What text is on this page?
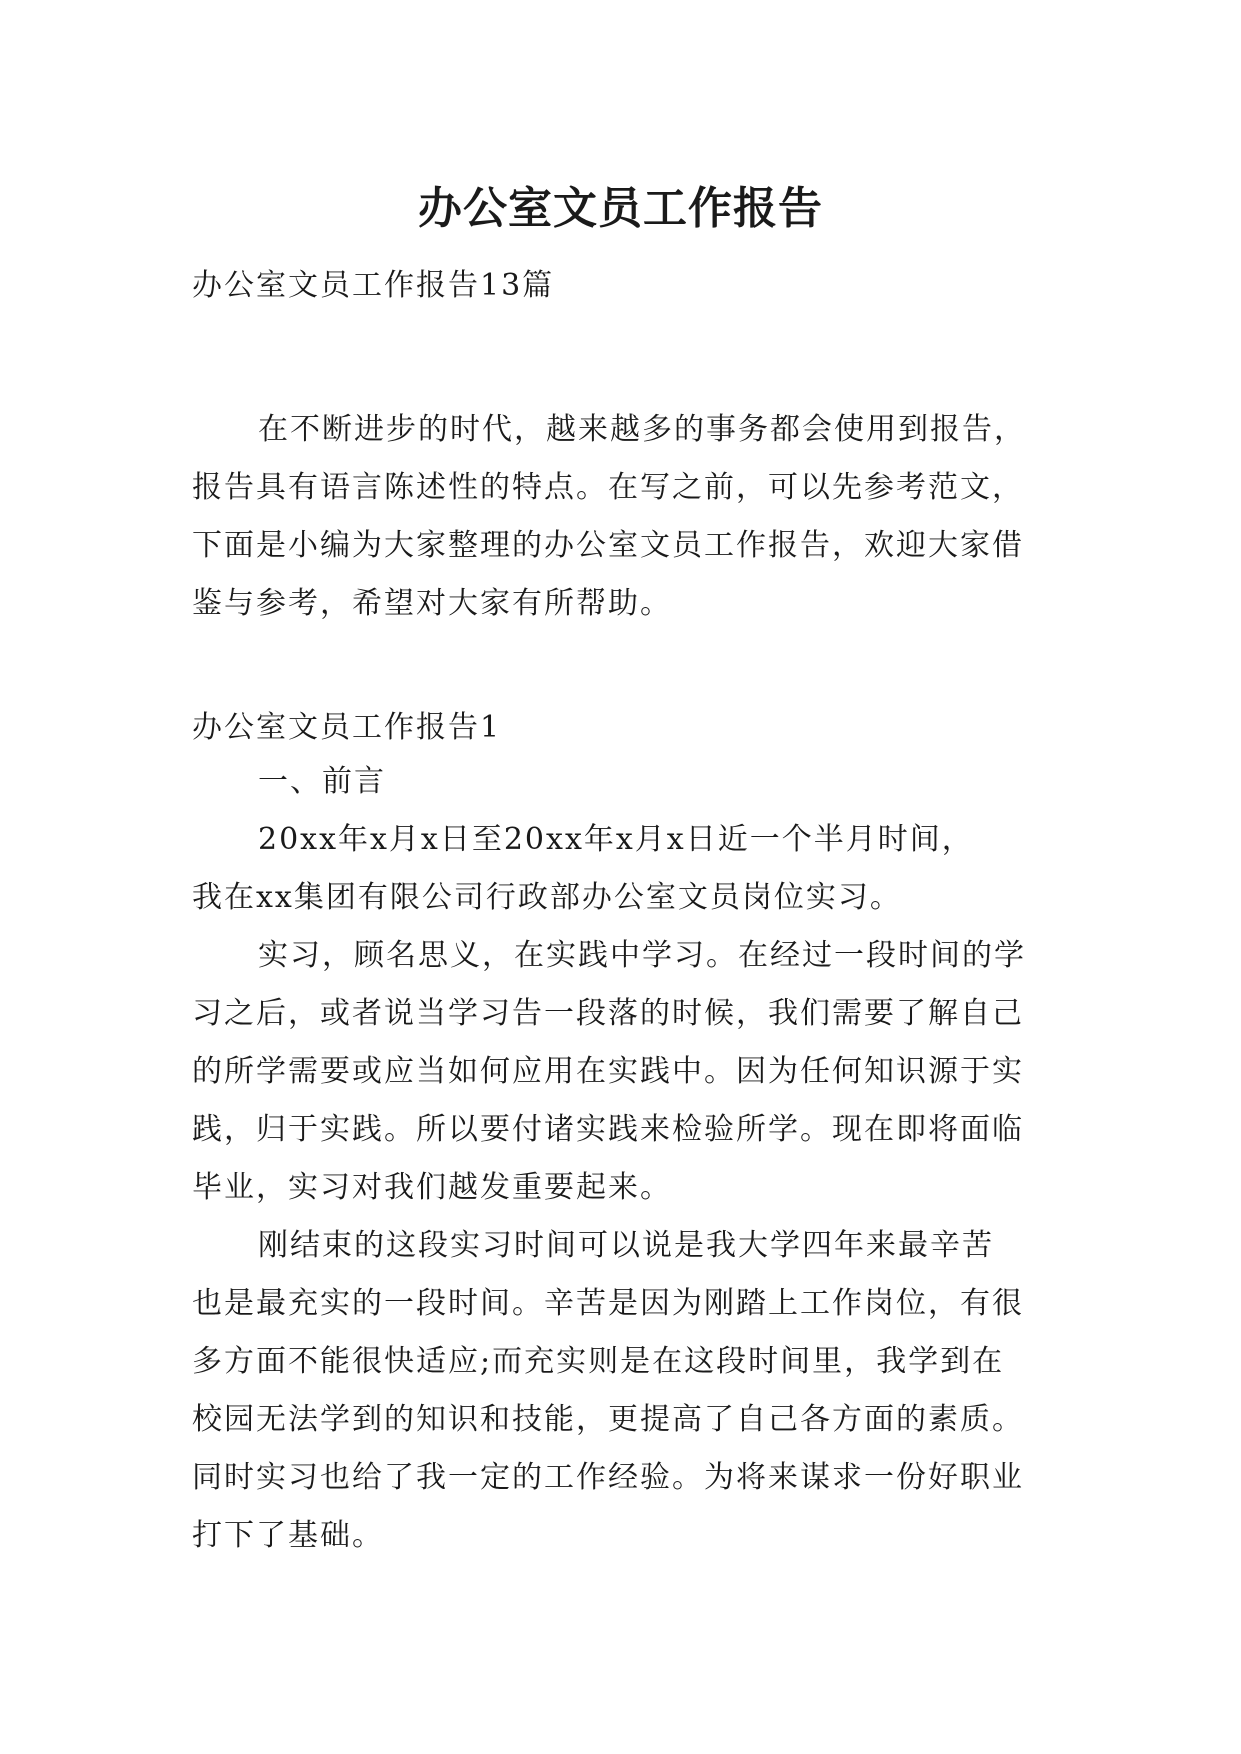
办公室文员工作报告

办公室文员工作报告13篇

在不断进步的时代，越来越多的事务都会使用到报告，

报告具有语言陈述性的特点。在写之前，可以先参考范文，

下面是小编为大家整理的办公室文员工作报告，欢迎大家借

鉴与参考，希望对大家有所帮助。

办公室文员工作报告1

一、前言

20xx年x月x日至20xx年x月x日近一个半月时间，

我在xx集团有限公司行政部办公室文员岗位实习。

实习，顾名思义，在实践中学习。在经过一段时间的学

习之后，或者说当学习告一段落的时候，我们需要了解自己

的所学需要或应当如何应用在实践中。因为任何知识源于实

践，归于实践。所以要付诸实践来检验所学。现在即将面临

毕业，实习对我们越发重要起来。

刚结束的这段实习时间可以说是我大学四年来最辛苦

也是最充实的一段时间。辛苦是因为刚踏上工作岗位，有很

多方面不能很快适应;而充实则是在这段时间里，我学到在

校园无法学到的知识和技能，更提高了自己各方面的素质。

同时实习也给了我一定的工作经验。为将来谋求一份好职业

打下了基础。
